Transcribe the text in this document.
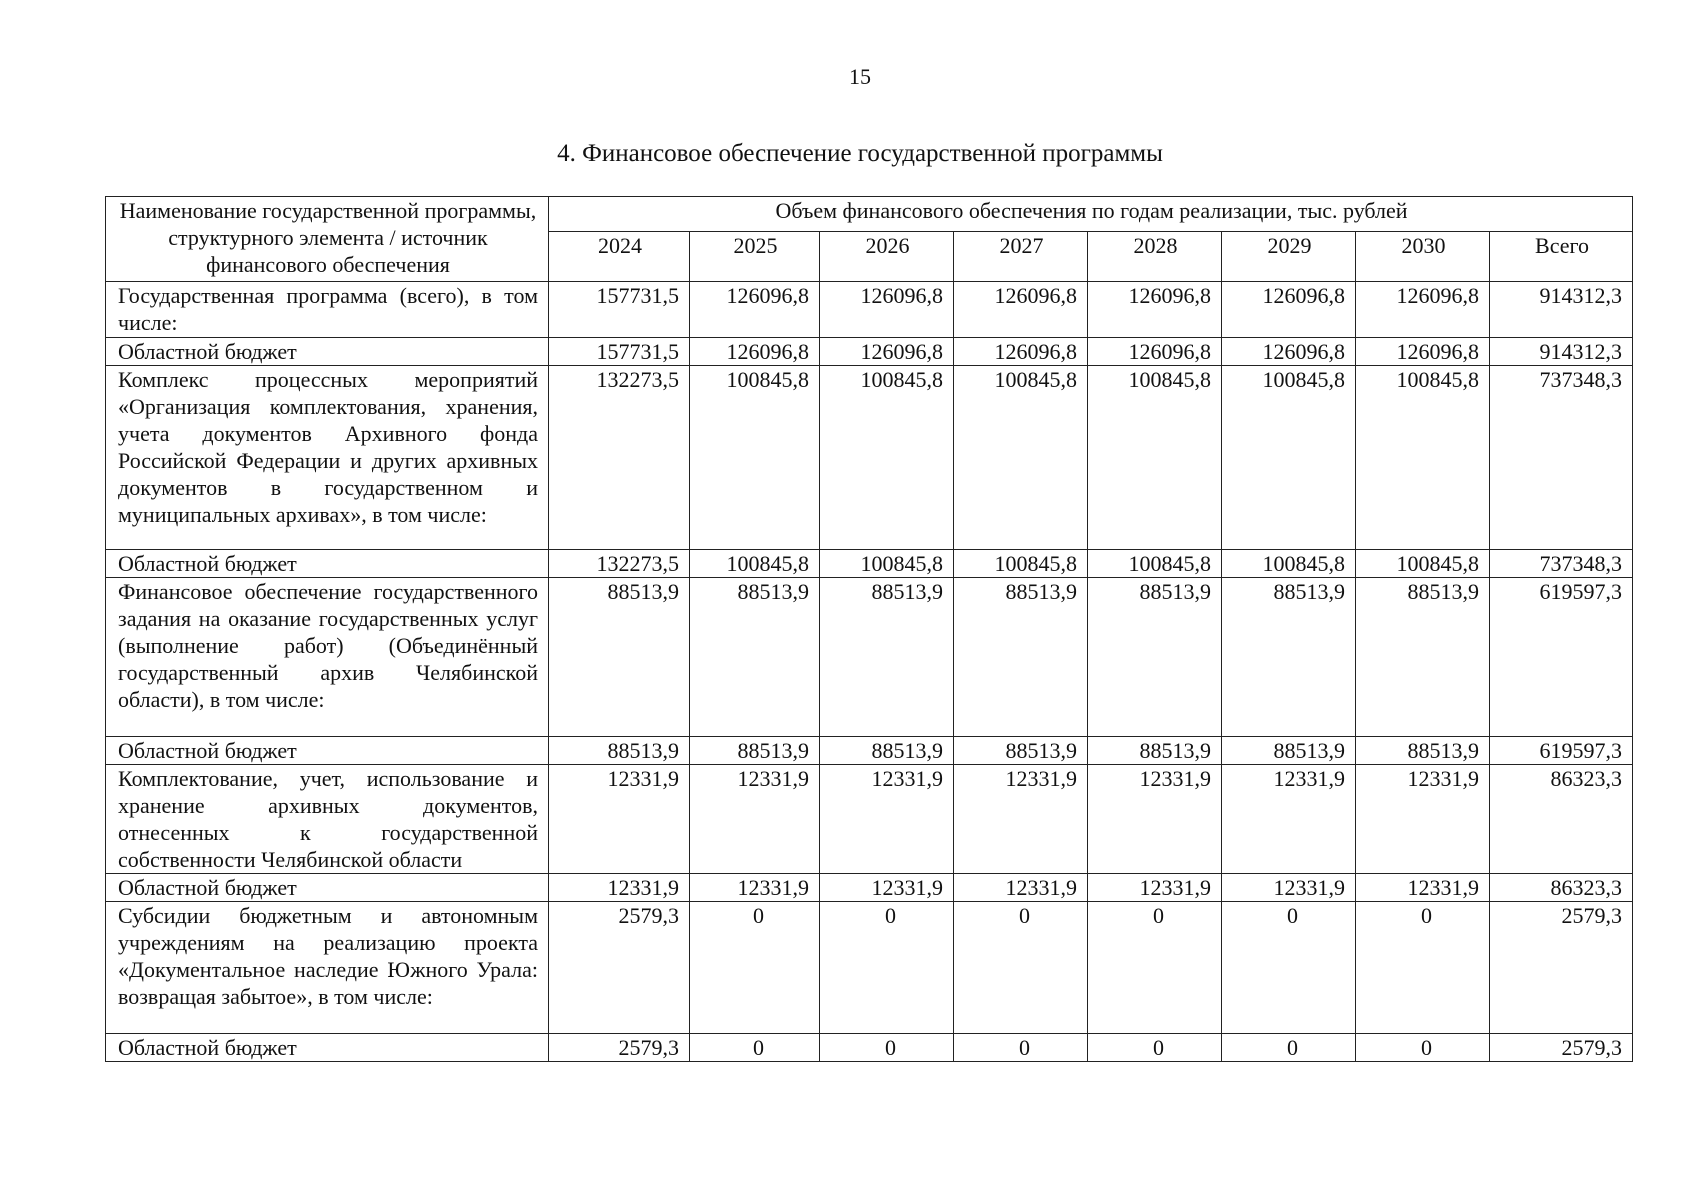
15
4. Финансовое обеспечение государственной программы
Наименование государственной программы, структурного элемента / источник финансового обеспечения	Объем финансового обеспечения по годам реализации, тыс. рублей							
	2024	2025	2026	2027	2028	2029	2030	Всего
Государственная программа (всего), в том числе:	157731,5	126096,8	126096,8	126096,8	126096,8	126096,8	126096,8	914312,3
Областной бюджет	157731,5	126096,8	126096,8	126096,8	126096,8	126096,8	126096,8	914312,3
Комплекс процессных мероприятий «Организация комплектования, хранения, учета документов Архивного фонда Российской Федерации и других архивных документов в государственном и муниципальных архивах», в том числе:	132273,5	100845,8	100845,8	100845,8	100845,8	100845,8	100845,8	737348,3
Областной бюджет	132273,5	100845,8	100845,8	100845,8	100845,8	100845,8	100845,8	737348,3
Финансовое обеспечение государственного задания на оказание государственных услуг (выполнение работ) (Объединённый государственный архив Челябинской области), в том числе:	88513,9	88513,9	88513,9	88513,9	88513,9	88513,9	88513,9	619597,3
Областной бюджет	88513,9	88513,9	88513,9	88513,9	88513,9	88513,9	88513,9	619597,3
Комплектование, учет, использование и хранение архивных документов, отнесенных к государственной собственности Челябинской области	12331,9	12331,9	12331,9	12331,9	12331,9	12331,9	12331,9	86323,3
Областной бюджет	12331,9	12331,9	12331,9	12331,9	12331,9	12331,9	12331,9	86323,3
Субсидии бюджетным и автономным учреждениям на реализацию проекта «Документальное наследие Южного Урала: возвращая забытое», в том числе:	2579,3	0	0	0	0	0	0	2579,3
Областной бюджет	2579,3	0	0	0	0	0	0	2579,3
